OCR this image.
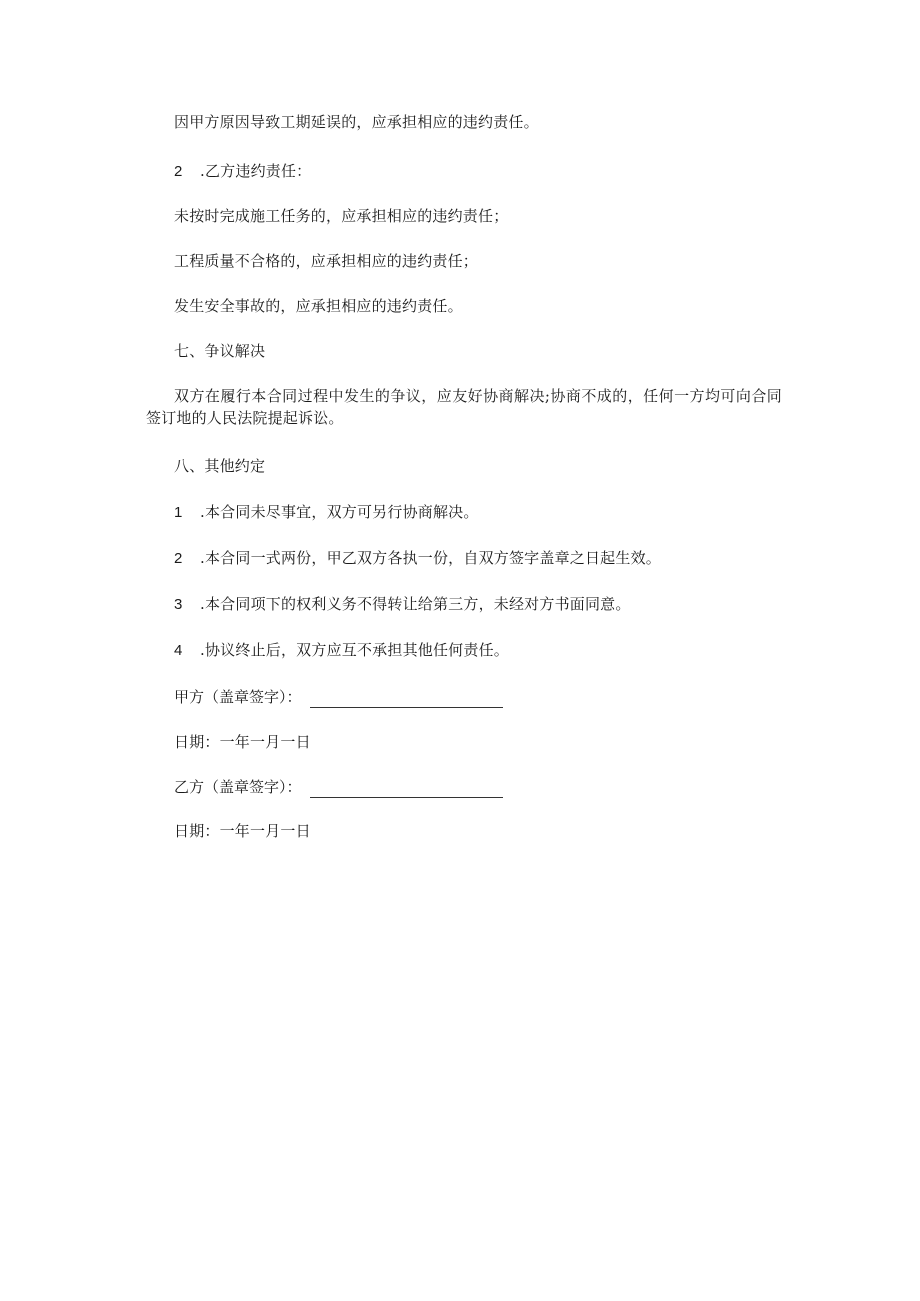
因甲方原因导致工期延误的，应承担相应的违约责任。
2 .乙方违约责任：
未按时完成施工任务的，应承担相应的违约责任；
工程质量不合格的，应承担相应的违约责任；
发生安全事故的，应承担相应的违约责任。
七、争议解决
双方在履行本合同过程中发生的争议，应友好协商解决;协商不成的，任何一方均可向合同签订地的人民法院提起诉讼。
八、其他约定
1 .本合同未尽事宜，双方可另行协商解决。
2 .本合同一式两份，甲乙双方各执一份，自双方签字盖章之日起生效。
3 .本合同项下的权利义务不得转让给第三方，未经对方书面同意。
4 .协议终止后，双方应互不承担其他任何责任。
甲方（盖章签字）：
日期：一年一月一日
乙方（盖章签字）：
日期：一年一月一日
